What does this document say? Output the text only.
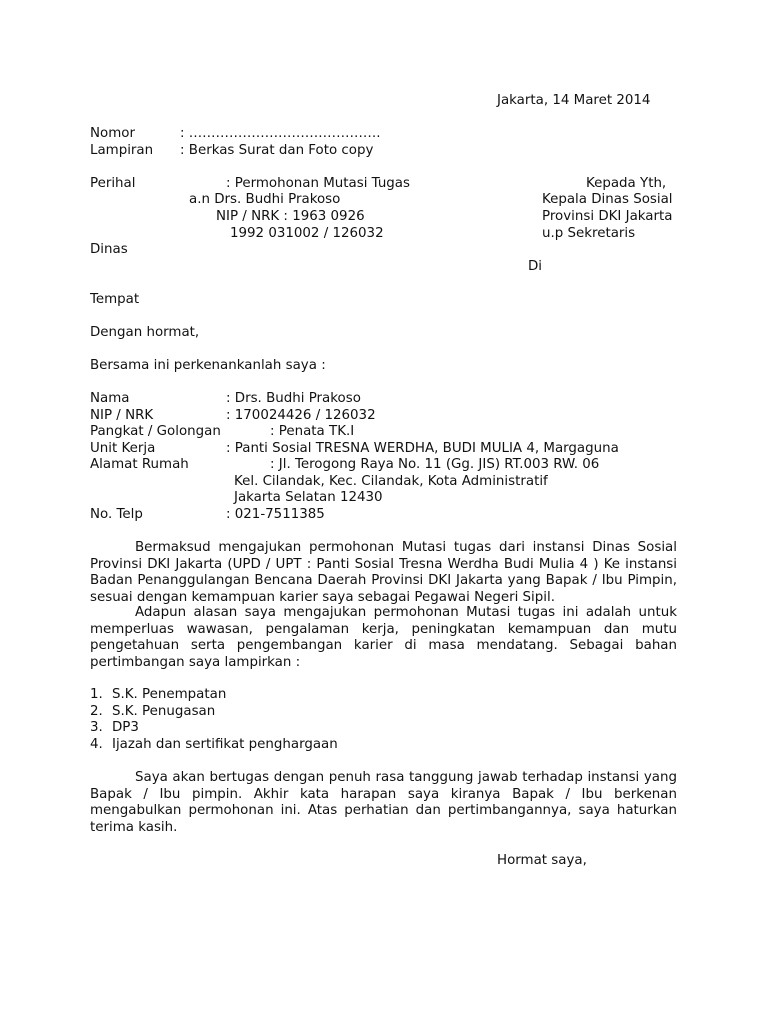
Jakarta, 14 Maret 2014
Nomor	: …………………………………….
Lampiran : Berkas Surat dan Foto copy
Perihal	: Permohonan Mutasi Tugas
a.n Drs. Budhi Prakoso
NIP / NRK : 1963 0926
1992 031002 / 126032
Kepada Yth,
Kepala Dinas Sosial
Provinsi DKI Jakarta
u.p Sekretaris
Dinas
Di
Tempat
Dengan hormat,
Bersama ini perkenankanlah saya :
Nama	: Drs. Budhi Prakoso
NIP / NRK	: 170024426 / 126032
Pangkat / Golongan	: Penata TK.I
Unit Kerja	: Panti Sosial TRESNA WERDHA, BUDI MULIA 4, Margaguna
Alamat Rumah	: Jl. Terogong Raya No. 11 (Gg. JIS) RT.003 RW. 06
Kel. Cilandak, Kec. Cilandak, Kota Administratif
Jakarta Selatan 12430
No. Telp	: 021-7511385
Bermaksud mengajukan permohonan Mutasi tugas dari instansi Dinas Sosial Provinsi DKI Jakarta (UPD / UPT : Panti Sosial Tresna Werdha Budi Mulia 4 ) Ke instansi Badan Penanggulangan Bencana Daerah Provinsi DKI Jakarta yang Bapak / Ibu Pimpin, sesuai dengan kemampuan karier saya sebagai Pegawai Negeri Sipil.
Adapun alasan saya mengajukan permohonan Mutasi tugas ini adalah untuk memperluas wawasan, pengalaman kerja, peningkatan kemampuan dan mutu pengetahuan serta pengembangan karier di masa mendatang. Sebagai bahan pertimbangan saya lampirkan :
1. S.K. Penempatan
2. S.K. Penugasan
3. DP3
4. Ijazah dan sertifikat penghargaan
Saya akan bertugas dengan penuh rasa tanggung jawab terhadap instansi yang Bapak / Ibu pimpin. Akhir kata harapan saya kiranya Bapak / Ibu berkenan mengabulkan permohonan ini. Atas perhatian dan pertimbangannya, saya haturkan terima kasih.
Hormat saya,
